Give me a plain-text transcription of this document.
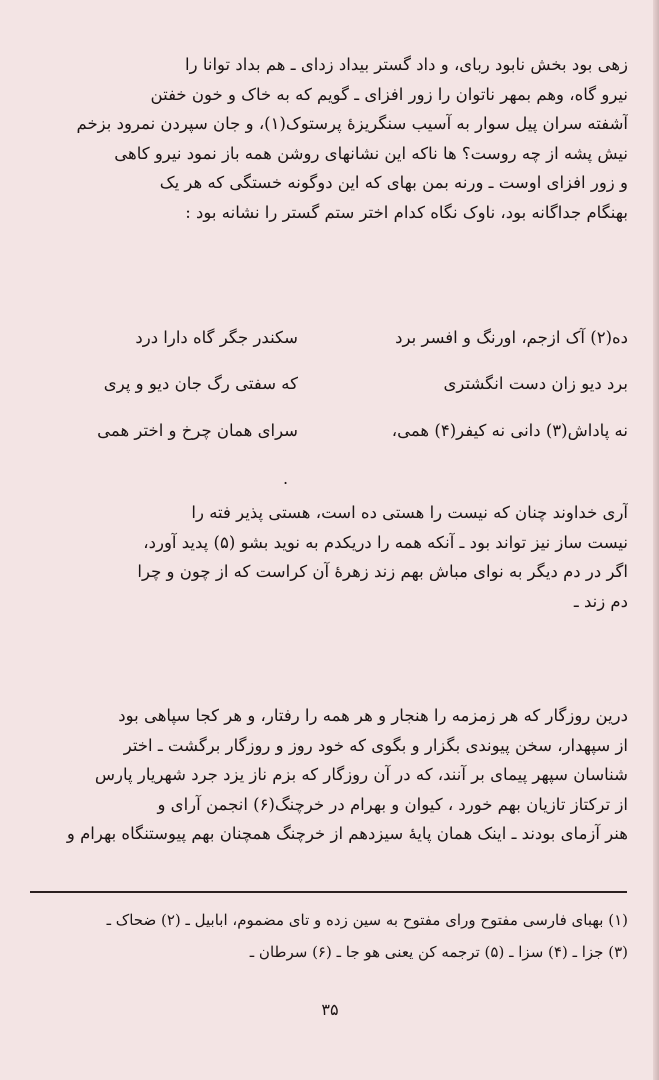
زهی بود بخش نابود ربای، و داد گستر بیداد زدای ـ هم بداد توانا را
نیرو گاه، وهم بمهر ناتوان را زور افزای ـ گویم که به خاک و خون خفتن
آشفته سران پیل سوار به آسیب سنگریزهٔ پرستوک(۱)، و جان سپردن نمرود بزخم
نیش پشه از چه روست؟ ها ناکه این نشانهای روشن همه باز نمود نیرو کاهی
و زور افزای اوست ـ ورنه بمن بهای که این دوگونه خستگی که هر یک
بهنگام جداگانه بود، ناوک نگاه کدام اختر ستم گستر را نشانه بود :
ده(۲) آک ازجم، اورنگ و افسر برد
سکندر جگر گاه دارا درد
برد دیو زان دست انگشتری
که سفتی رگ جان دیو و پری
نه پاداش(۳) دانی نه کیفر(۴) همی،
سرای همان چرخ و اختر همی
.
آری خداوند چنان که نیست را هستی ده است، هستی پذیر فته را
نیست ساز نیز تواند بود ـ آنکه همه را دریکدم به نوید بشو (۵) پدید آورد،
اگر در دم دیگر به نوای مباش بهم زند زهرهٔ آن کراست که از چون و چرا
دم زند ـ
درین روزگار که هر زمزمه را هنجار و هر همه را رفتار، و هر کجا سپاهی بود
از سپهدار، سخن پیوندی بگزار و بگوی که خود روز و روزگار برگشت ـ اختر
شناسان سپهر پیمای بر آنند، که در آن روزگار که بزم ناز یزد جرد شهریار پارس
از ترکتاز تازیان بهم خورد ، کیوان و بهرام در خرچنگ(۶) انجمن آرای و
هنر آزمای بودند ـ اینک همان پایهٔ سیزدهم از خرچنگ همچنان بهم پیوستنگاه بهرام و
(۱) بهبای فارسی مفتوح ورای مفتوح به سین زده و تای مضموم، ابابیل ـ (۲) ضحاک ـ
(۳) جزا ـ (۴) سزا ـ (۵) ترجمه کن یعنی هو جا ـ (۶) سرطان ـ
۳۵
